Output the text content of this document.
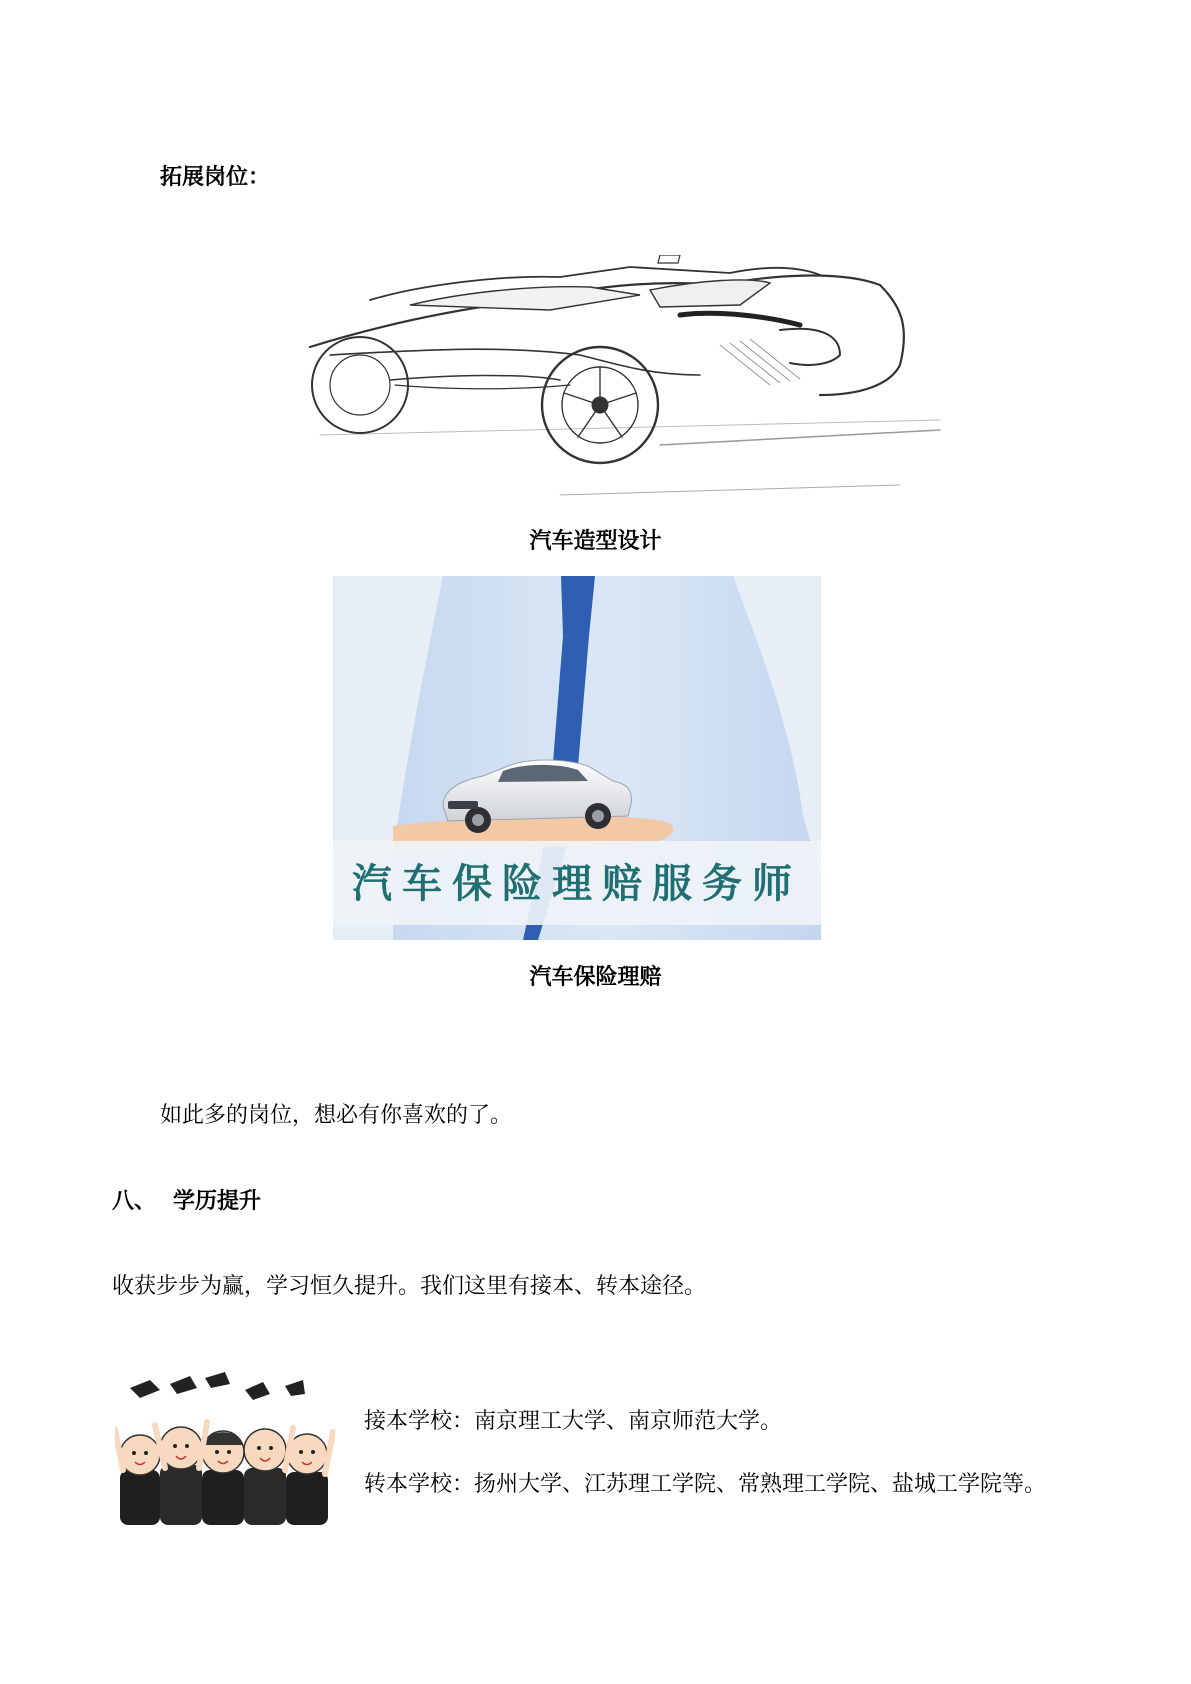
拓展岗位：
汽车造型设计
汽车保险理赔服务师
汽车保险理赔
如此多的岗位，想必有你喜欢的了。
八、 学历提升
收获步步为赢，学习恒久提升。我们这里有接本、转本途径。
接本学校：南京理工大学、南京师范大学。
转本学校：扬州大学、江苏理工学院、常熟理工学院、盐城工学院等。
